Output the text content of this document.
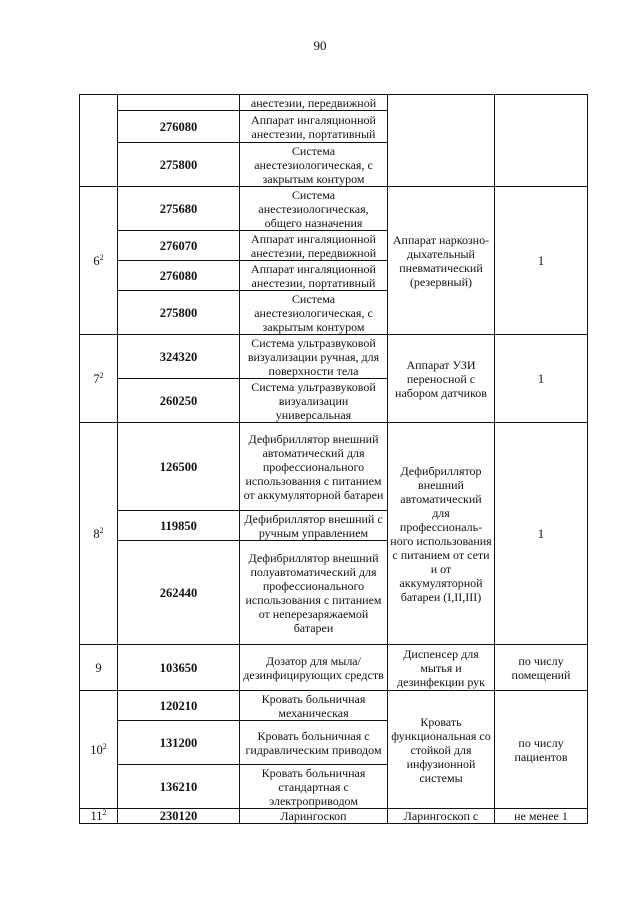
90
		анестезии, передвижной		
	276080	Аппарат ингаляционной анестезии, портативный		
	275800	Система анестезиологическая, с закрытым контуром		
$6^2$	275680	Система анестезиологическая, общего назначения	Аппарат наркозно-дыхательный пневматический (резервный)	1
	276070	Аппарат ингаляционной анестезии, передвижной		
	276080	Аппарат ингаляционной анестезии, портативный		
	275800	Система анестезиологическая, с закрытым контуром		
$7^2$	324320	Система ультразвуковой визуализации ручная, для поверхности тела	Аппарат УЗИ переносной с набором датчиков	1
	260250	Система ультразвуковой визуализации универсальная		
$8^2$	126500	Дефибриллятор внешний автоматический для профессионального использования с питанием от аккумуляторной батареи	Дефибриллятор внешний автоматический для профессиональ-ного использования с питанием от сети и от аккумуляторной батареи (I,II,III)	1
	119850	Дефибриллятор внешний с ручным управлением		
	262440	Дефибриллятор внешний полуавтоматический для профессионального использования с питанием от неперезаряжаемой батареи		
9	103650	Дозатор для мыла/ дезинфицирующих средств	Диспенсер для мытья и дезинфекции рук	по числу помещений
$10^2$	120210	Кровать больничная механическая	Кровать функциональная со стойкой для инфузионной системы	по числу пациентов
	131200	Кровать больничная с гидравлическим приводом		
	136210	Кровать больничная стандартная с электроприводом		
$11^2$	230120	Ларингоскоп	Ларингоскоп с	не менее 1
